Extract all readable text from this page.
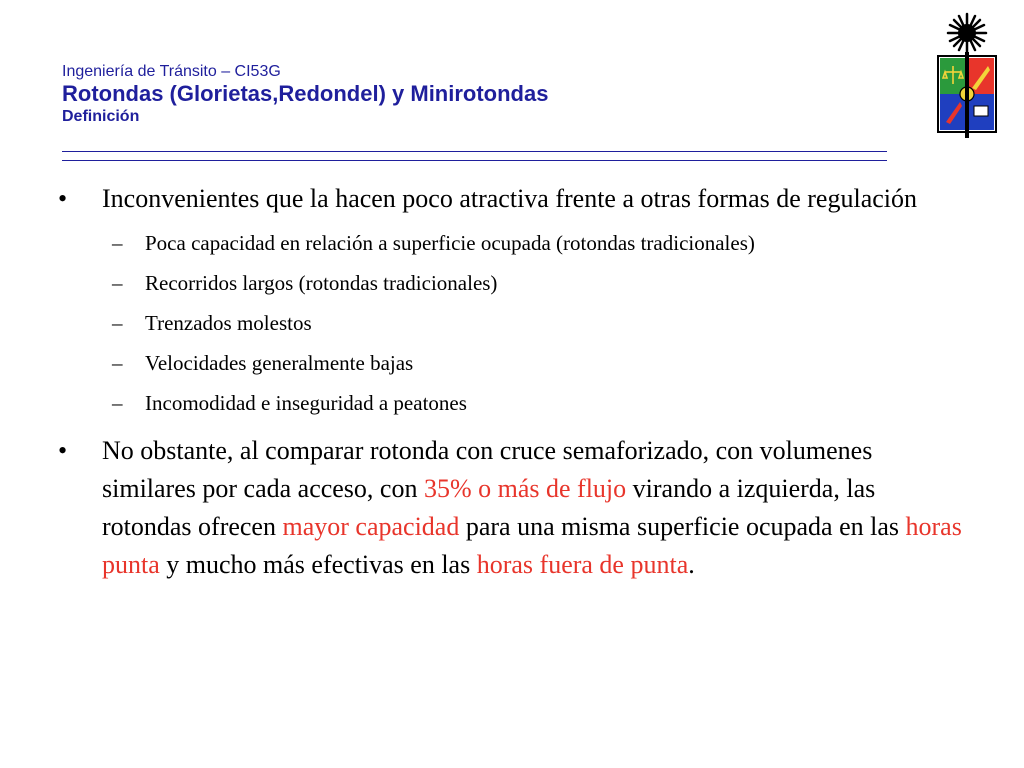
Ingeniería de Tránsito – CI53G
Rotondas (Glorietas,Redondel) y Minirotondas
Definición
•	Inconvenientes que la hacen poco atractiva frente a otras formas de regulación
–	Poca capacidad en relación a superficie ocupada (rotondas tradicionales)
–	Recorridos largos (rotondas tradicionales)
–	Trenzados molestos
–	Velocidades generalmente bajas
–	Incomodidad e inseguridad a peatones
•	No obstante, al comparar rotonda con cruce semaforizado, con volumenes similares por cada acceso, con 35% o más de flujo virando a izquierda, las rotondas ofrecen mayor capacidad para una misma superficie ocupada en las horas punta y mucho más efectivas en las horas fuera de punta.
